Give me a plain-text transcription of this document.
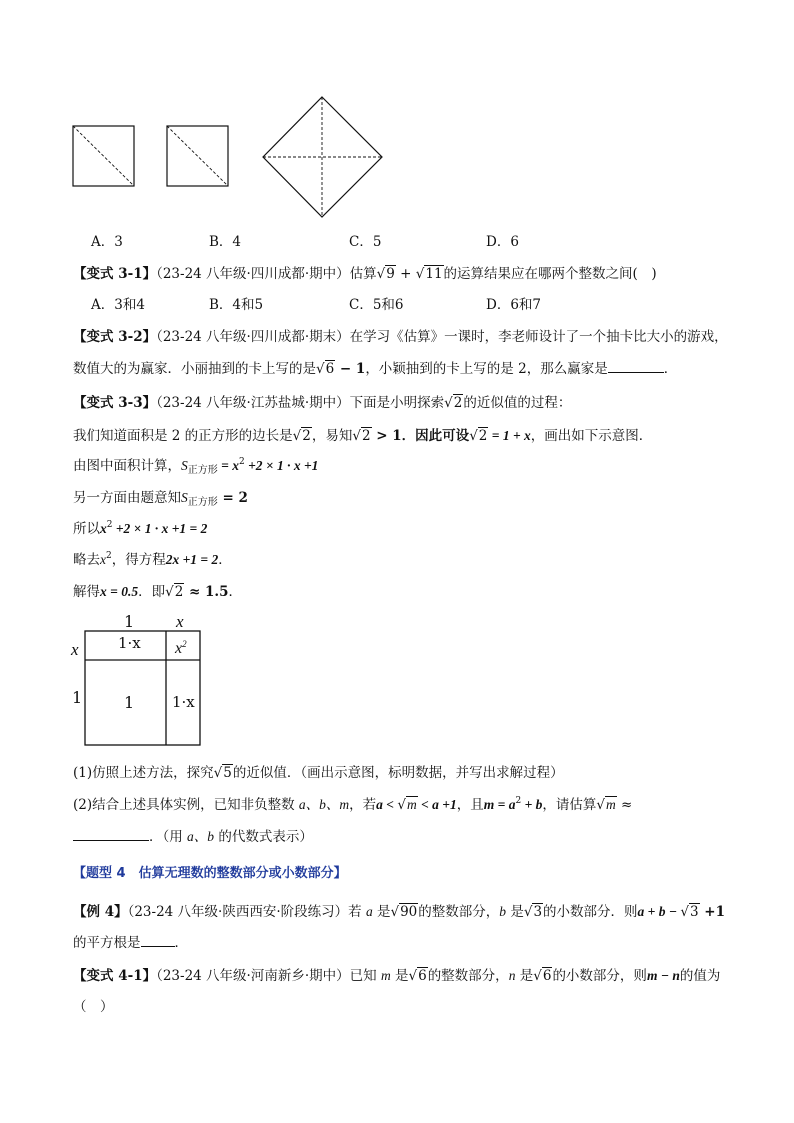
A．3	B．4	C．5	D．6
【变式 3-1】（23-24 八年级·四川成都·期中）估算√9 + √11的运算结果应在哪两个整数之间(　)
A．3和4	B．4和5	C．5和6	D．6和7
【变式 3-2】（23-24 八年级·四川成都·期末）在学习《估算》一课时，李老师设计了一个抽卡比大小的游戏，
数值大的为赢家．小丽抽到的卡上写的是√6 − 1，小颖抽到的卡上写的是 2，那么赢家是	．
【变式 3-3】（23-24 八年级·江苏盐城·期中）下面是小明探索√2的近似值的过程：
我们知道面积是 2 的正方形的边长是√2，易知√2 > 1．因此可设√2 = 1 + x，画出如下示意图．
由图中面积计算，$S_{正方形} = x^2 +2 \times 1 \cdot x +1$
另一方面由题意知$S_{正方形} = 2$
所以$x^2 +2 \times 1 \cdot x +1 = 2$
略去$x^2$，得方程2x +1 = 2．
解得x = 0.5．即√2 ≈ 1.5．
1 x
x
1
1·x $x^2$
1	1·x
(1)仿照上述方法，探究√5的近似值．（画出示意图，标明数据，并写出求解过程）
(2)结合上述具体实例，已知非负整数 a、b、m，若a < √m < a +1，且$m = a^2 + b$，请估算√m ≈
．（用 a、b 的代数式表示）
【题型 4　估算无理数的整数部分或小数部分】
【例 4】（23-24 八年级·陕西西安·阶段练习）若 a 是√90的整数部分，b 是√3的小数部分．则a + b − √3 +1
的平方根是	．
【变式 4-1】（23-24 八年级·河南新乡·期中）已知 m 是√6的整数部分，n 是√6的小数部分，则m − n的值为
（　）
